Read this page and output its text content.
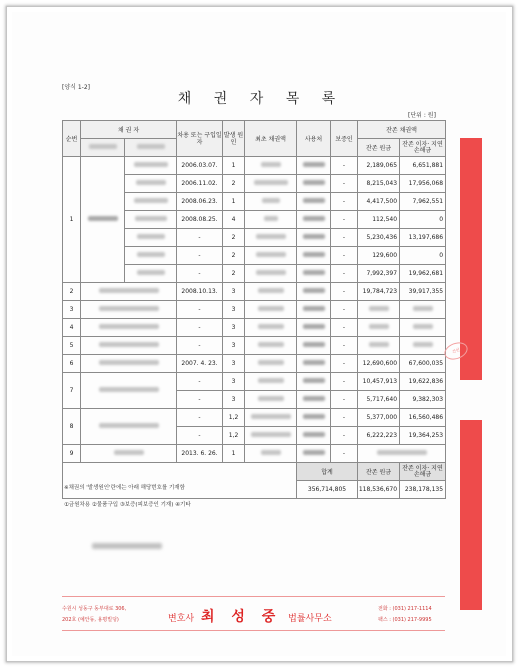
[양식 1-2]
채 권 자 목 록
[단위 : 원]
순번	채 권 자		차용 또는 구입일자	발생 원인	최초 채권액	사용처	보증인	잔존 채권액	
								잔존 원금	잔존 이자· 지연손해금
1			2006.03.07.	1			-	2,189,065	6,651,881
			2006.11.02.	2			-	8,215,043	17,956,068
			2008.06.23.	1			-	4,417,500	7,962,551
			2008.08.25.	4			-	112,540	0
			-	2			-	5,230,436	13,197,686
			-	2			-	129,600	0
			-	2			-	7,992,397	19,962,681
2			2008.10.13.	3			-	19,784,723	39,917,355
3			-	3			-		
4			-	3			-		
5			-	3			-		
6			2007. 4. 23.	3			-	12,690,600	67,600,035
7			-	3			-	10,457,913	19,622,836
			-	3			-	5,717,640	9,382,303
8			-	1,2			-	5,377,000	16,560,486
			-	1,2			-	6,222,223	19,364,253
9			2013. 6. 26.	1			-		
						합계		잔존 원금	잔존 이자· 지연손해금
						356,714,805		118,536,670	238,178,135
※채권의 '발생원인'란에는 아래 해당번호를 기재함
①금원차용 ②물품구입 ③보증(피보증인 기재) ④기타
간인
수원시 성동구 동부대로 306,
202호 (예안동, 용평빌딩)	변호사 최 성 중 법률사무소
전화 : (031) 217-1114
팩스 : (031) 217-9995
